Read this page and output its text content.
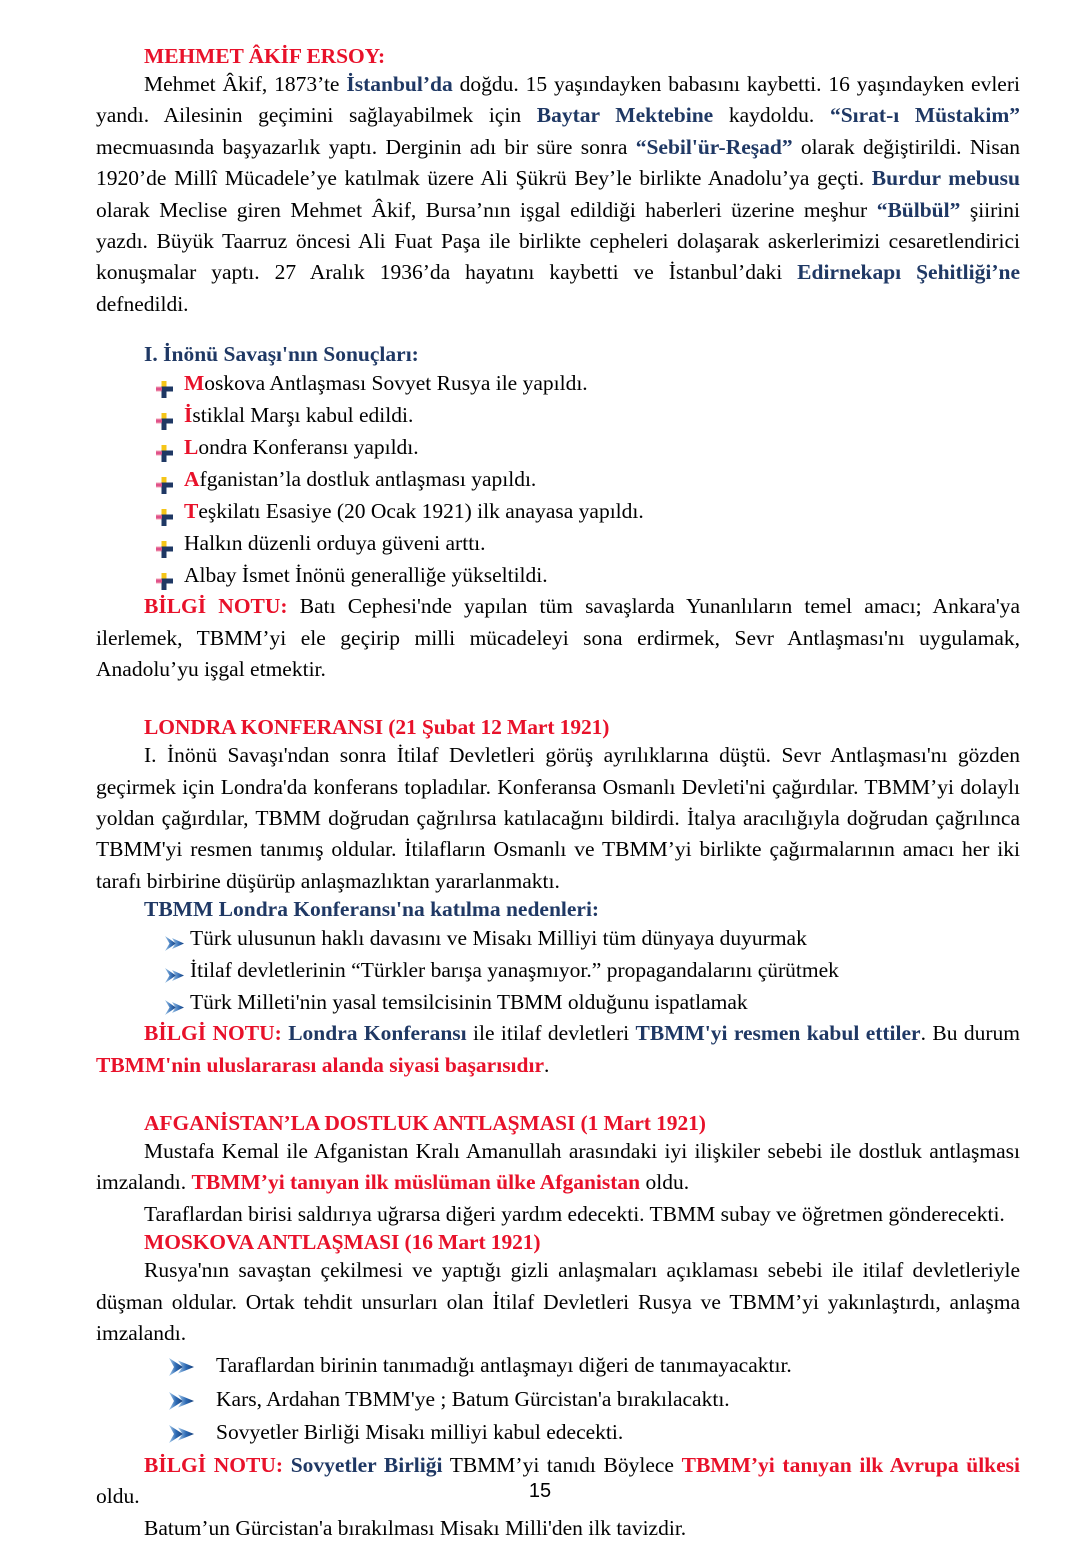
MEHMET ÂKİF ERSOY:

Mehmet Âkif, 1873’te İstanbul’da doğdu. 15 yaşındayken babasını kaybetti. 16 yaşındayken evleri yandı. Ailesinin geçimini sağlayabilmek için Baytar Mektebine kaydoldu. “Sırat-ı Müstakim” mecmuasında başyazarlık yaptı. Derginin adı bir süre sonra “Sebil'ür-Reşad” olarak değiştirildi. Nisan 1920’de Millî Mücadele’ye katılmak üzere Ali Şükrü Bey’le birlikte Anadolu’ya geçti. Burdur mebusu olarak Meclise giren Mehmet Âkif, Bursa’nın işgal edildiği haberleri üzerine meşhur “Bülbül” şiirini yazdı. Büyük Taarruz öncesi Ali Fuat Paşa ile birlikte cepheleri dolaşarak askerlerimizi cesaretlendirici konuşmalar yaptı. 27 Aralık 1936’da hayatını kaybetti ve İstanbul’daki Edirnekapı Şehitliği’ne defnedildi.

I. İnönü Savaşı'nın Sonuçları:
Moskova Antlaşması Sovyet Rusya ile yapıldı.
İstiklal Marşı kabul edildi.
Londra Konferansı yapıldı.
Afganistan’la dostluk antlaşması yapıldı.
Teşkilatı Esasiye (20 Ocak 1921) ilk anayasa yapıldı.
Halkın düzenli orduya güveni arttı.
Albay İsmet İnönü generalliğe yükseltildi.

BİLGİ NOTU: Batı Cephesi'nde yapılan tüm savaşlarda Yunanlıların temel amacı; Ankara'ya ilerlemek, TBMM’yi ele geçirip milli mücadeleyi sona erdirmek, Sevr Antlaşması'nı uygulamak, Anadolu’yu işgal etmektir.

LONDRA KONFERANSI (21 Şubat 12 Mart 1921)

I. İnönü Savaşı'ndan sonra İtilaf Devletleri görüş ayrılıklarına düştü. Sevr Antlaşması'nı gözden geçirmek için Londra'da konferans topladılar. Konferansa Osmanlı Devleti'ni çağırdılar. TBMM’yi dolaylı yoldan çağırdılar, TBMM doğrudan çağrılırsa katılacağını bildirdi. İtalya aracılığıyla doğrudan çağrılınca TBMM'yi resmen tanımış oldular. İtilafların Osmanlı ve TBMM’yi birlikte çağırmalarının amacı her iki tarafı birbirine düşürüp anlaşmazlıktan yararlanmaktı.

TBMM Londra Konferansı'na katılma nedenleri:
Türk ulusunun haklı davasını ve Misakı Milliyi tüm dünyaya duyurmak
İtilaf devletlerinin “Türkler barışa yanaşmıyor.” propagandalarını çürütmek
Türk Milleti'nin yasal temsilcisinin TBMM olduğunu ispatlamak

BİLGİ NOTU: Londra Konferansı ile itilaf devletleri TBMM'yi resmen kabul ettiler. Bu durum TBMM'nin uluslararası alanda siyasi başarısıdır.

AFGANİSTAN’LA DOSTLUK ANTLAŞMASI (1 Mart 1921)

Mustafa Kemal ile Afganistan Kralı Amanullah arasındaki iyi ilişkiler sebebi ile dostluk antlaşması imzalandı. TBMM’yi tanıyan ilk müslüman ülke Afganistan oldu.

Taraflardan birisi saldırıya uğrarsa diğeri yardım edecekti. TBMM subay ve öğretmen gönderecekti.

MOSKOVA ANTLAŞMASI (16 Mart 1921)

Rusya'nın savaştan çekilmesi ve yaptığı gizli anlaşmaları açıklaması sebebi ile itilaf devletleriyle düşman oldular. Ortak tehdit unsurları olan İtilaf Devletleri Rusya ve TBMM’yi yakınlaştırdı, anlaşma imzalandı.

Taraflardan birinin tanımadığı antlaşmayı diğeri de tanımayacaktır.
Kars, Ardahan TBMM'ye ; Batum Gürcistan'a bırakılacaktı.
Sovyetler Birliği Misakı milliyi kabul edecekti.

BİLGİ NOTU: Sovyetler Birliği TBMM’yi tanıdı Böylece TBMM’yi tanıyan ilk Avrupa ülkesi oldu.

Batum’un Gürcistan'a bırakılması Misakı Milli'den ilk tavizdir.

15
